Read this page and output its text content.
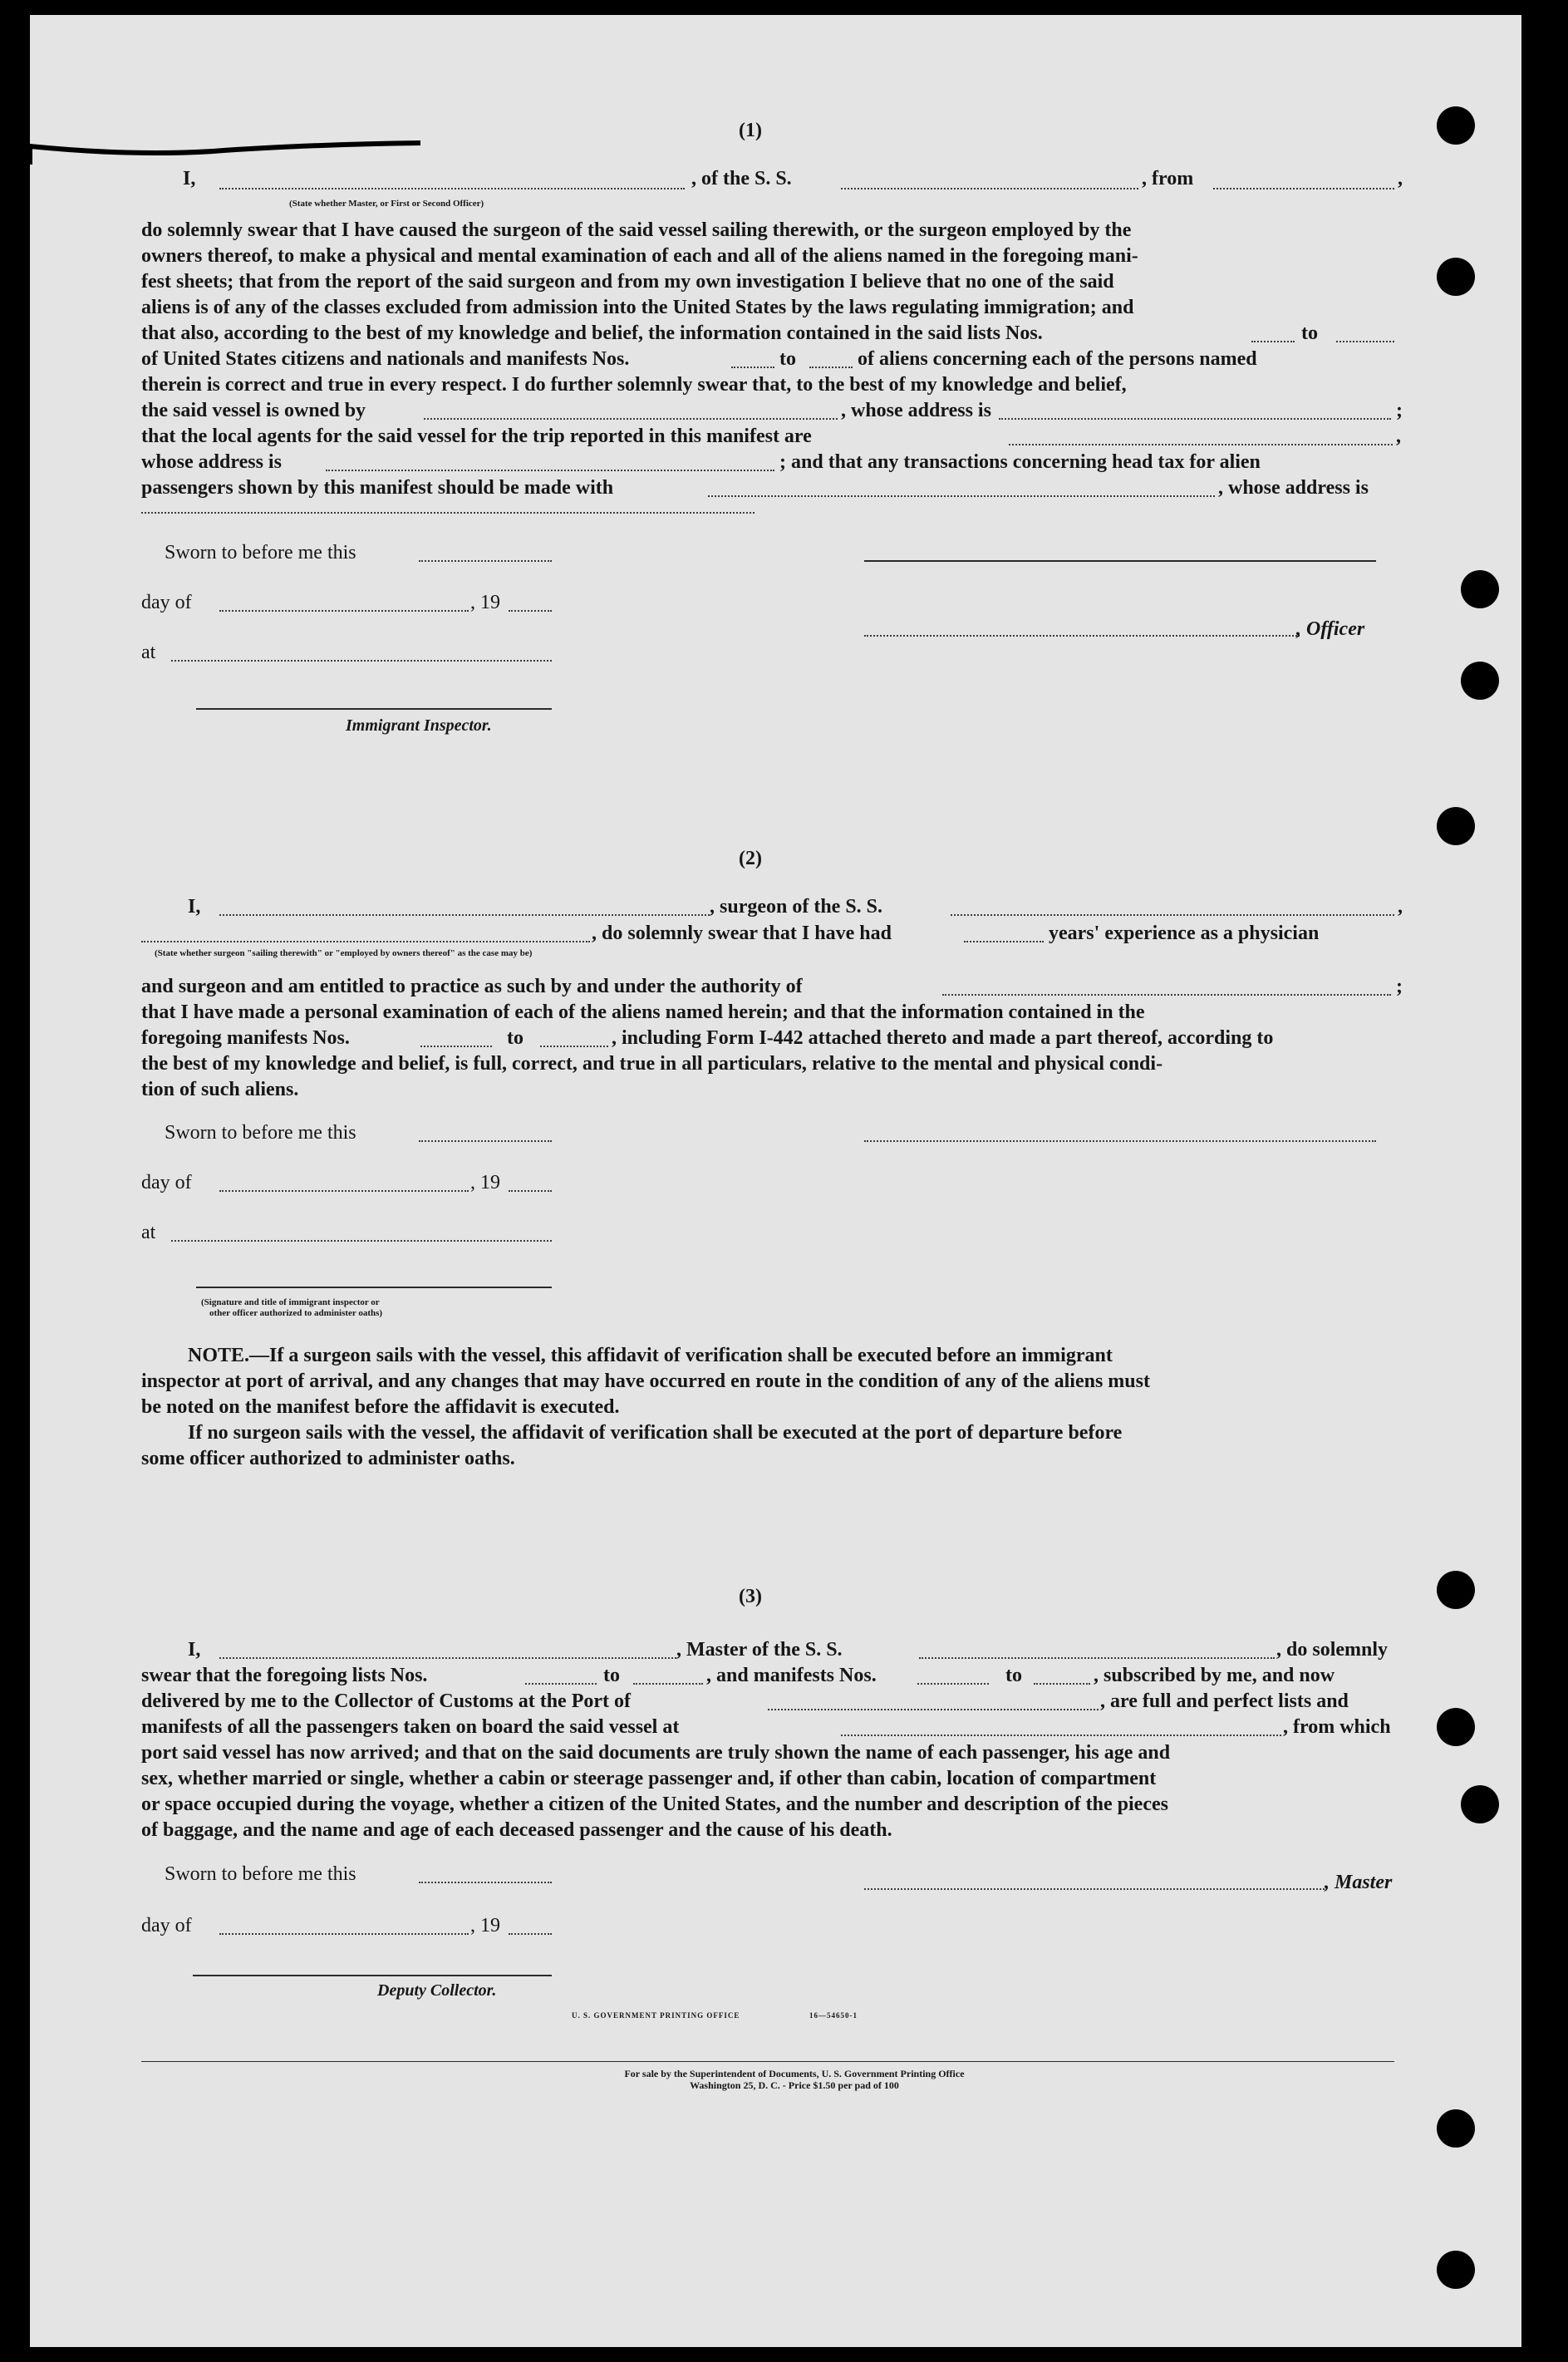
(1)
I,	, of the S. S.	, from	,
(State whether Master, or First or Second Officer)
do solemnly swear that I have caused the surgeon of the said vessel sailing therewith, or the surgeon employed by the
owners thereof, to make a physical and mental examination of each and all of the aliens named in the foregoing mani-
fest sheets; that from the report of the said surgeon and from my own investigation I believe that no one of the said
aliens is of any of the classes excluded from admission into the United States by the laws regulating immigration; and
that also, according to the best of my knowledge and belief, the information contained in the said lists Nos.	to
of United States citizens and nationals and manifests Nos.	to	of aliens concerning each of the persons named
therein is correct and true in every respect. I do further solemnly swear that, to the best of my knowledge and belief,
the said vessel is owned by	, whose address is	;
that the local agents for the said vessel for the trip reported in this manifest are	,
whose address is	; and that any transactions concerning head tax for alien
passengers shown by this manifest should be made with	, whose address is
Sworn to before me this
day of	, 19
, Officer
at
Immigrant Inspector.
(2)
I,	, surgeon of the S. S.	,
, do solemnly swear that I have had	years' experience as a physician
(State whether surgeon "sailing therewith" or "employed by owners thereof" as the case may be)
and surgeon and am entitled to practice as such by and under the authority of	;
that I have made a personal examination of each of the aliens named herein; and that the information contained in the
foregoing manifests Nos.	to	, including Form I-442 attached thereto and made a part thereof, according to
the best of my knowledge and belief, is full, correct, and true in all particulars, relative to the mental and physical condi-
tion of such aliens.
Sworn to before me this
day of	, 19
at
(Signature and title of immigrant inspector or
other officer authorized to administer oaths)
NOTE.—If a surgeon sails with the vessel, this affidavit of verification shall be executed before an immigrant
inspector at port of arrival, and any changes that may have occurred en route in the condition of any of the aliens must
be noted on the manifest before the affidavit is executed.
If no surgeon sails with the vessel, the affidavit of verification shall be executed at the port of departure before
some officer authorized to administer oaths.
(3)
I,	, Master of the S. S.	, do solemnly
swear that the foregoing lists Nos.	to	, and manifests Nos.	to	, subscribed by me, and now
delivered by me to the Collector of Customs at the Port of	, are full and perfect lists and
manifests of all the passengers taken on board the said vessel at	, from which
port said vessel has now arrived; and that on the said documents are truly shown the name of each passenger, his age and
sex, whether married or single, whether a cabin or steerage passenger and, if other than cabin, location of compartment
or space occupied during the voyage, whether a citizen of the United States, and the number and description of the pieces
of baggage, and the name and age of each deceased passenger and the cause of his death.
Sworn to before me this	, Master
day of	, 19
Deputy Collector.
U. S. GOVERNMENT PRINTING OFFICE	16—54650-1
For sale by the Superintendent of Documents, U. S. Government Printing Office
Washington 25, D. C. - Price $1.50 per pad of 100
